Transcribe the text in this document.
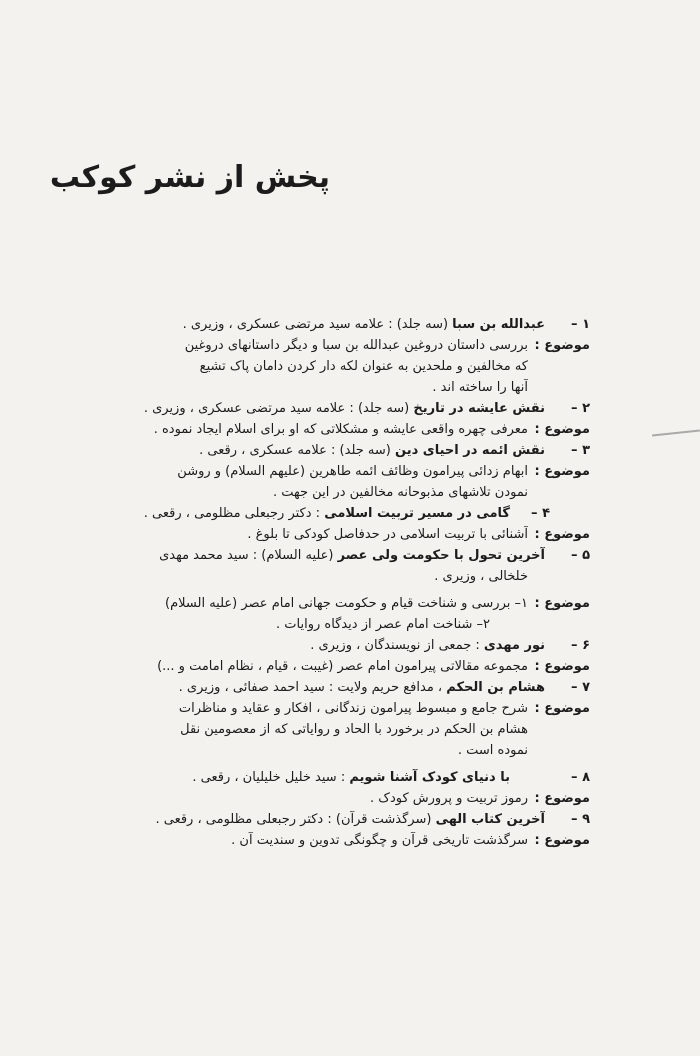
پخش از نشر کوکب
۱ –
عبدالله بن سبا (سه جلد) : علامه سید مرتضی عسکری ، وزیری .
موضوع :
بررسی داستان دروغین عبدالله بن سبا و دیگر داستانهای دروغین
که مخالفین و ملحدین به عنوان لکه دار کردن دامان پاک تشیع
آنها را ساخته اند .
۲ –
نقش عایشه در تاریخ (سه جلد) : علامه سید مرتضی عسکری ، وزیری .
موضوع :
معرفی چهره واقعی عایشه و مشکلاتی که او برای اسلام ایجاد نموده .
۳ –
نقش ائمه در احیای دین (سه جلد) : علامه عسکری ، رقعی .
موضوع :
ابهام زدائی پیرامون وظائف ائمه طاهرین (علیهم السلام) و روشن
نمودن تلاشهای مذبوحانه مخالفین در این جهت .
۴ –
گامی در مسیر تربیت اسلامی : دکتر رجبعلی مظلومی ، رقعی .
موضوع :
آشنائی با تربیت اسلامی در حدفاصل کودکی تا بلوغ .
۵ –
آخرین تحول با حکومت ولی عصر (علیه السلام) : سید محمد مهدی
خلخالی ، وزیری .
موضوع :
۱– بررسی و شناخت قیام و حکومت جهانی امام عصر (علیه السلام)
۲– شناخت امام عصر از دیدگاه روایات .
۶ –
نور مهدی : جمعی از نویسندگان ، وزیری .
موضوع :
مجموعه مقالاتی پیرامون امام عصر (غیبت ، قیام ، نظام امامت و ...)
۷ –
هشام بن الحکم ، مدافع حریم ولایت : سید احمد صفائی ، وزیری .
موضوع :
شرح جامع و مبسوط پیرامون زندگانی ، افکار و عقاید و مناظرات
هشام بن الحکم در برخورد با الحاد و روایاتی که از معصومین نقل
نموده است .
۸ –
با دنیای کودک آشنا شویم : سید خلیل خلیلیان ، رقعی .
موضوع :
رموز تربیت و پرورش کودک .
۹ –
آخرین کتاب الهی (سرگذشت قرآن) : دکتر رجبعلی مظلومی ، رقعی .
موضوع :
سرگذشت تاریخی قرآن و چگونگی تدوین و سندیت آن .
